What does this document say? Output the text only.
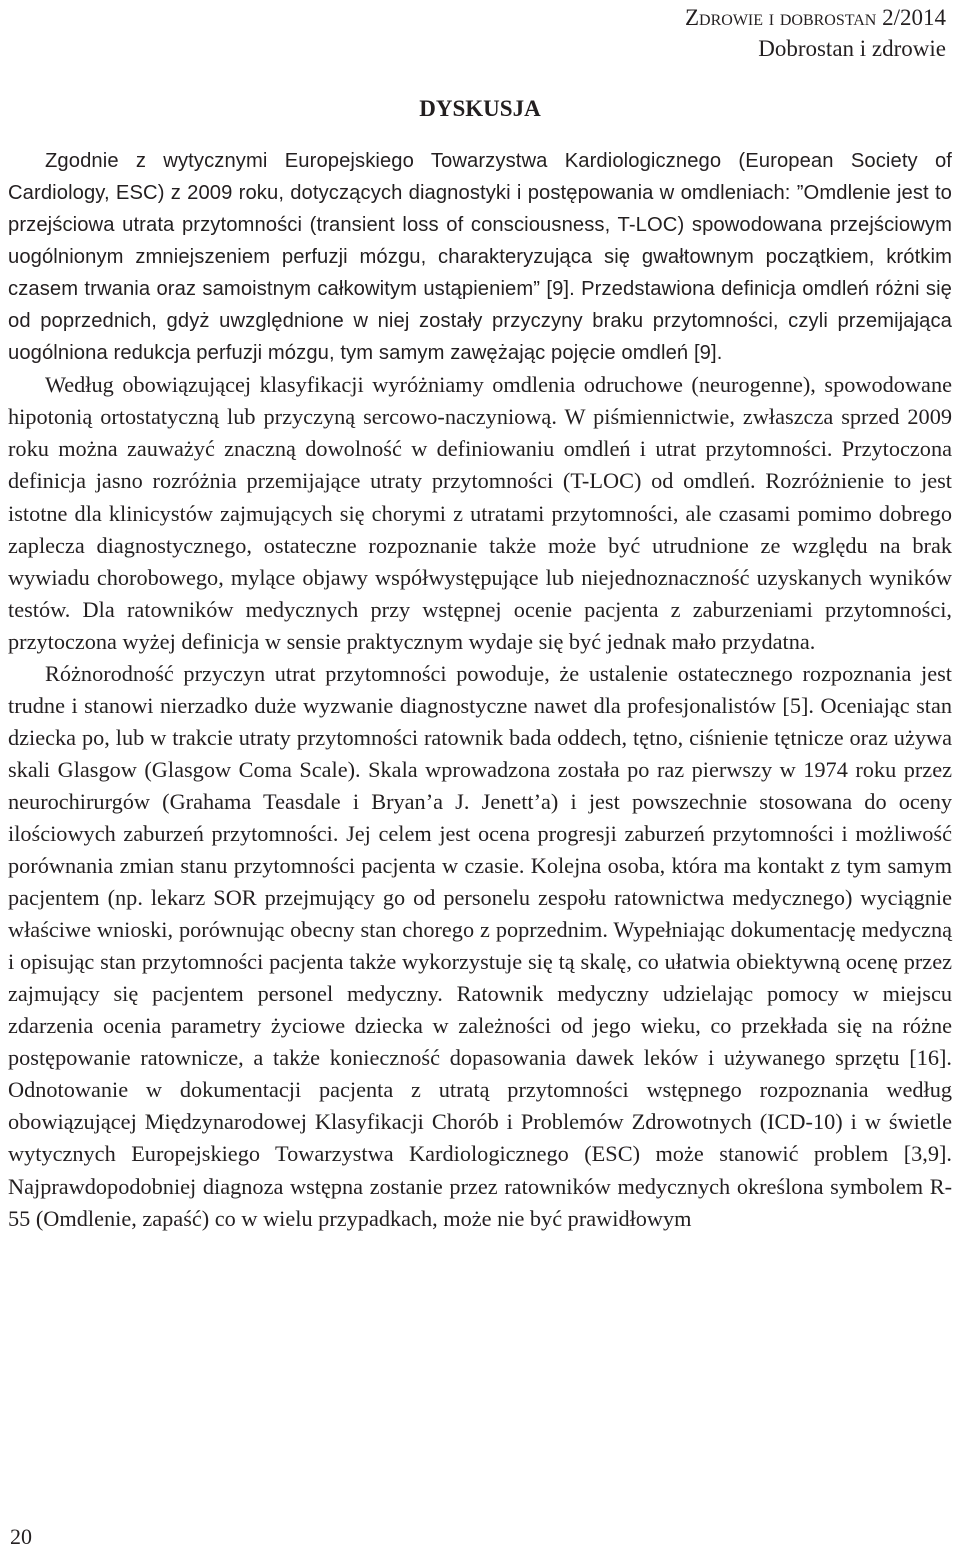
Zdrowie i dobrostan 2/2014
Dobrostan i zdrowie
DYSKUSJA

Zgodnie z wytycznymi Europejskiego Towarzystwa Kardiologicznego (European Society of Cardiology, ESC) z 2009 roku, dotyczących diagnostyki i postępowania w omdleniach: ”Omdlenie jest to przejściowa utrata przytomności (transient loss of consciousness, T-LOC) spowodowana przejściowym uogólnionym zmniejszeniem perfuzji mózgu, charakteryzująca się gwałtownym początkiem, krótkim czasem trwania oraz samoistnym całkowitym ustąpieniem” [9]. Przedstawiona definicja omdleń różni się od poprzednich, gdyż uwzględnione w niej zostały przyczyny braku przytomności, czyli przemijająca uogólniona redukcja perfuzji mózgu, tym samym zawężając pojęcie omdleń [9].

Według obowiązującej klasyfikacji wyróżniamy omdlenia odruchowe (neurogenne), spowodowane hipotonią ortostatyczną lub przyczyną sercowo-naczyniową. W piśmiennictwie, zwłaszcza sprzed 2009 roku można zauważyć znaczną dowolność w definiowaniu omdleń i utrat przytomności. Przytoczona definicja jasno rozróżnia przemijające utraty przytomności (T-LOC) od omdleń. Rozróżnienie to jest istotne dla klinicystów zajmujących się chorymi z utratami przytomności, ale czasami pomimo dobrego zaplecza diagnostycznego, ostateczne rozpoznanie także może być utrudnione ze względu na brak wywiadu chorobowego, mylące objawy współwystępujące lub niejednoznaczność uzyskanych wyników testów. Dla ratowników medycznych przy wstępnej ocenie pacjenta z zaburzeniami przytomności, przytoczona wyżej definicja w sensie praktycznym wydaje się być jednak mało przydatna.

Różnorodność przyczyn utrat przytomności powoduje, że ustalenie ostatecznego rozpoznania jest trudne i stanowi nierzadko duże wyzwanie diagnostyczne nawet dla profesjonalistów [5]. Oceniając stan dziecka po, lub w trakcie utraty przytomności ratownik bada oddech, tętno, ciśnienie tętnicze oraz używa skali Glasgow (Glasgow Coma Scale). Skala wprowadzona została po raz pierwszy w 1974 roku przez neurochirurgów (Grahama Teasdale i Bryan’a J. Jenett’a) i jest powszechnie stosowana do oceny ilościowych zaburzeń przytomności. Jej celem jest ocena progresji zaburzeń przytomności i możliwość porównania zmian stanu przytomności pacjenta w czasie. Kolejna osoba, która ma kontakt z tym samym pacjentem (np. lekarz SOR przejmujący go od personelu zespołu ratownictwa medycznego) wyciągnie właściwe wnioski, porównując obecny stan chorego z poprzednim. Wypełniając dokumentację medyczną i opisując stan przytomności pacjenta także wykorzystuje się tą skalę, co ułatwia obiektywną ocenę przez zajmujący się pacjentem personel medyczny. Ratownik medyczny udzielając pomocy w miejscu zdarzenia ocenia parametry życiowe dziecka w zależności od jego wieku, co przekłada się na różne postępowanie ratownicze, a także konieczność dopasowania dawek leków i używanego sprzętu [16]. Odnotowanie w dokumentacji pacjenta z utratą przytomności wstępnego rozpoznania według obowiązującej Międzynarodowej Klasyfikacji Chorób i Problemów Zdrowotnych (ICD-10) i w świetle wytycznych Europejskiego Towarzystwa Kardiologicznego (ESC) może stanowić problem [3,9]. Najprawdopodobniej diagnoza wstępna zostanie przez ratowników medycznych określona symbolem R-55 (Omdlenie, zapaść) co w wielu przypadkach, może nie być prawidłowym

20
